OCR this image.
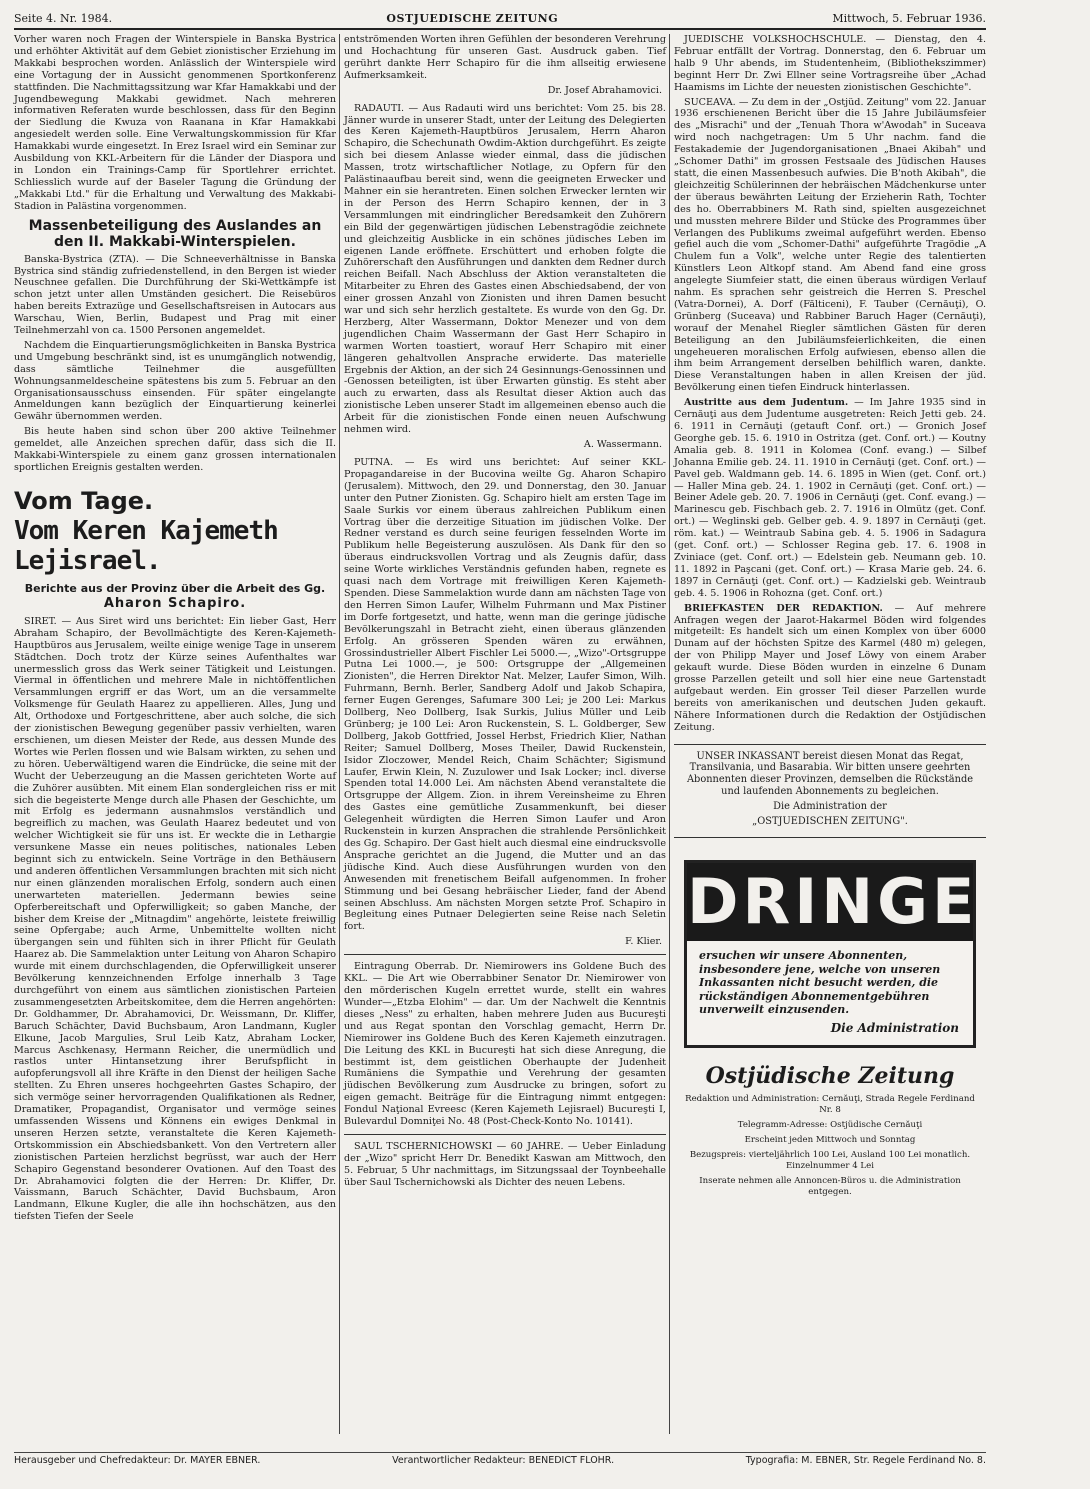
Seite 4. Nr. 1984.	OSTJUEDISCHE ZEITUNG	Mittwoch, 5. Februar 1936.

Vorher waren noch Fragen der Winterspiele in Banska Bystrica und erhöhter Aktivität auf dem Gebiet zionistischer Erziehung im Makkabi besprochen worden. Anlässlich der Winterspiele wird eine Vortagung der in Aussicht genommenen Sportkonferenz stattfinden. Die Nachmittagssitzung war Kfar Hamakkabi und der Jugendbewegung Makkabi gewidmet. Nach mehreren informativen Referaten wurde beschlossen, dass für den Beginn der Siedlung die Kwuza von Raanana in Kfar Hamakkabi angesiedelt werden solle. Eine Verwaltungskommission für Kfar Hamakkabi wurde eingesetzt. In Erez Israel wird ein Seminar zur Ausbildung von KKL-Arbeitern für die Länder der Diaspora und in London ein Trainings-Camp für Sportlehrer errichtet. Schliesslich wurde auf der Baseler Tagung die Gründung der „Makkabi Ltd." für die Erhaltung und Verwaltung des Makkabi-Stadion in Palästina vorgenommen.

Massenbeteiligung des Auslandes an den II. Makkabi-Winterspielen.

Banska-Bystrica (ZTA). — Die Schneeverhältnisse in Banska Bystrica sind ständig zufriedenstellend, in den Bergen ist wieder Neuschnee gefallen. Die Durchführung der Ski-Wettkämpfe ist schon jetzt unter allen Umständen gesichert. Die Reisebüros haben bereits Extrazüge und Gesellschaftsreisen in Autocars aus Warschau, Wien, Berlin, Budapest und Prag mit einer Teilnehmerzahl von ca. 1500 Personen angemeldet.

Nachdem die Einquartierungsmöglichkeiten in Banska Bystrica und Umgebung beschränkt sind, ist es unumgänglich notwendig, dass sämtliche Teilnehmer die ausgefüllten Wohnungsanmeldescheine spätestens bis zum 5. Februar an den Organisationsausschuss einsenden. Für später eingelangte Anmeldungen kann bezüglich der Einquartierung keinerlei Gewähr übernommen werden.

Bis heute haben sind schon über 200 aktive Teilnehmer gemeldet, alle Anzeichen sprechen dafür, dass sich die II. Makkabi-Winterspiele zu einem ganz grossen internationalen sportlichen Ereignis gestalten werden.

Vom Tage.
Vom Keren Kajemeth Lejisrael.
Berichte aus der Provinz über die Arbeit des Gg.
Aharon Schapiro.

SIRET. — Aus Siret wird uns berichtet: Ein lieber Gast, Herr Abraham Schapiro, der Bevollmächtigte des Keren-Kajemeth-Hauptbüros aus Jerusalem, weilte einige wenige Tage in unserem Städtchen. Doch trotz der Kürze seines Aufenthaltes war unermesslich gross das Werk seiner Tätigkeit und Leistungen. Viermal in öffentlichen und mehrere Male in nichtöffentlichen Versammlungen ergriff er das Wort, um an die versammelte Volksmenge für Geulath Haarez zu appellieren. Alles, Jung und Alt, Orthodoxe und Fortgeschrittene, aber auch solche, die sich der zionistischen Bewegung gegenüber passiv verhielten, waren erschienen, um diesen Meister der Rede, aus dessen Munde des Wortes wie Perlen flossen und wie Balsam wirkten, zu sehen und zu hören. Ueberwältigend waren die Eindrücke, die seine mit der Wucht der Ueberzeugung an die Massen gerichteten Worte auf die Zuhörer ausübten. Mit einem Elan sondergleichen riss er mit sich die begeisterte Menge durch alle Phasen der Geschichte, um mit Erfolg es jedermann ausnahmslos verständlich und begreiflich zu machen, was Geulath Haarez bedeutet und von welcher Wichtigkeit sie für uns ist. Er weckte die in Lethargie versunkene Masse ein neues politisches, nationales Leben beginnt sich zu entwickeln. Seine Vorträge in den Bethäusern und anderen öffentlichen Versammlungen brachten mit sich nicht nur einen glänzenden moralischen Erfolg, sondern auch einen unerwarteten materiellen. Jedermann bewies seine Opferbereitschaft und Opferwilligkeit; so gaben Manche, der bisher dem Kreise der „Mitnagdim" angehörte, leistete freiwillig seine Opfergabe; auch Arme, Unbemittelte wollten nicht übergangen sein und fühlten sich in ihrer Pflicht für Geulath Haarez ab. Die Sammelaktion unter Leitung von Aharon Schapiro wurde mit einem durchschlagenden, die Opferwilligkeit unserer Bevölkerung kennzeichnenden Erfolge innerhalb 3 Tage durchgeführt von einem aus sämtlichen zionistischen Parteien zusammengesetzten Arbeitskomitee, dem die Herren angehörten: Dr. Goldhammer, Dr. Abrahamovici, Dr. Weissmann, Dr. Kliffer, Baruch Schächter, David Buchsbaum, Aron Landmann, Kugler Elkune, Jacob Margulies, Srul Leib Katz, Abraham Locker, Marcus Aschkenasy, Hermann Reicher, die unermüdlich und rastlos unter Hintansetzung ihrer Berufspflicht in aufopferungsvoll all ihre Kräfte in den Dienst der heiligen Sache stellten. Zu Ehren unseres hochgeehrten Gastes Schapiro, der sich vermöge seiner hervorragenden Qualifikationen als Redner, Dramatiker, Propagandist, Organisator und vermöge seines umfassenden Wissens und Könnens ein ewiges Denkmal in unseren Herzen setzte, veranstaltete die Keren Kajemeth-Ortskommission ein Abschiedsbankett. Von den Vertretern aller zionistischen Parteien herzlichst begrüsst, war auch der Herr Schapiro Gegenstand besonderer Ovationen. Auf den Toast des Dr. Abrahamovici folgten die der Herren: Dr. Kliffer, Dr. Vaissmann, Baruch Schächter, David Buchsbaum, Aron Landmann, Elkune Kugler, die alle ihn hochschätzen, aus den tiefsten Tiefen der Seele

entströmenden Worten ihren Gefühlen der besonderen Verehrung und Hochachtung für unseren Gast. Ausdruck gaben. Tief gerührt dankte Herr Schapiro für die ihm allseitig erwiesene Aufmerksamkeit.

Dr. Josef Abrahamovici.

RADAUTI. — Aus Radauti wird uns berichtet: Vom 25. bis 28. Jänner wurde in unserer Stadt, unter der Leitung des Delegierten des Keren Kajemeth-Hauptbüros Jerusalem, Herrn Aharon Schapiro, die Schechunath Owdim-Aktion durchgeführt. Es zeigte sich bei diesem Anlasse wieder einmal, dass die jüdischen Massen, trotz wirtschaftlicher Notlage, zu Opfern für den Palästinaaufbau bereit sind, wenn die geeigneten Erwecker und Mahner ein sie herantreten. Einen solchen Erwecker lernten wir in der Person des Herrn Schapiro kennen, der in 3 Versammlungen mit eindringlicher Beredsamkeit den Zuhörern ein Bild der gegenwärtigen jüdischen Lebenstragödie zeichnete und gleichzeitig Ausblicke in ein schönes jüdisches Leben im eigenen Lande eröffnete. Erschüttert und erhoben folgte die Zuhörerschaft den Ausführungen und dankten dem Redner durch reichen Beifall. Nach Abschluss der Aktion veranstalteten die Mitarbeiter zu Ehren des Gastes einen Abschiedsabend, der von einer grossen Anzahl von Zionisten und ihren Damen besucht war und sich sehr herzlich gestaltete. Es wurde von den Gg. Dr. Herzberg, Alter Wassermann, Doktor Menezer und von dem jugendlichen Chaim Wassermann der Gast Herr Schapiro in warmen Worten toastiert, worauf Herr Schapiro mit einer längeren gehaltvollen Ansprache erwiderte. Das materielle Ergebnis der Aktion, an der sich 24 Gesinnungs-Genossinnen und -Genossen beteiligten, ist über Erwarten günstig. Es steht aber auch zu erwarten, dass als Resultat dieser Aktion auch das zionistische Leben unserer Stadt im allgemeinen ebenso auch die Arbeit für die zionistischen Fonde einen neuen Aufschwung nehmen wird.

A. Wassermann.

PUTNA. — Es wird uns berichtet: Auf seiner KKL-Propagandareise in der Bucovina weilte Gg. Aharon Schapiro (Jerusalem). Mittwoch, den 29. und Donnerstag, den 30. Januar unter den Putner Zionisten. Gg. Schapiro hielt am ersten Tage im Saale Surkis vor einem überaus zahlreichen Publikum einen Vortrag über die derzeitige Situation im jüdischen Volke. Der Redner verstand es durch seine feurigen fesselnden Worte im Publikum helle Begeisterung auszulösen. Als Dank für den so überaus eindrucksvollen Vortrag und als Zeugnis dafür, dass seine Worte wirkliches Verständnis gefunden haben, regnete es quasi nach dem Vortrage mit freiwilligen Keren Kajemeth-Spenden. Diese Sammelaktion wurde dann am nächsten Tage von den Herren Simon Laufer, Wilhelm Fuhrmann und Max Pistiner im Dorfe fortgesetzt, und hatte, wenn man die geringe jüdische Bevölkerungszahl in Betracht zieht, einen überaus glänzenden Erfolg. An grösseren Spenden wären zu erwähnen, Grossindustrieller Albert Fischler Lei 5000.—, „Wizo"-Ortsgruppe Putna Lei 1000.—, je 500: Ortsgruppe der „Allgemeinen Zionisten", die Herren Direktor Nat. Melzer, Laufer Simon, Wilh. Fuhrmann, Bernh. Berler, Sandberg Adolf und Jakob Schapira, ferner Eugen Gerenges, Safumare 300 Lei; je 200 Lei: Markus Dollberg, Neo Dollberg, Isak Surkis, Julius Müller und Leib Grünberg; je 100 Lei: Aron Ruckenstein, S. L. Goldberger, Sew Dollberg, Jakob Gottfried, Jossel Herbst, Friedrich Klier, Nathan Reiter; Samuel Dollberg, Moses Theiler, Dawid Ruckenstein, Isidor Zloczower, Mendel Reich, Chaim Schächter; Sigismund Laufer, Erwin Klein, N. Zuzulower und Isak Locker; incl. diverse Spenden total 14.000 Lei. Am nächsten Abend veranstaltete die Ortsgruppe der Allgem. Zion. in ihrem Vereinsheime zu Ehren des Gastes eine gemütliche Zusammenkunft, bei dieser Gelegenheit würdigten die Herren Simon Laufer und Aron Ruckenstein in kurzen Ansprachen die strahlende Persönlichkeit des Gg. Schapiro. Der Gast hielt auch diesmal eine eindrucksvolle Ansprache gerichtet an die Jugend, die Mutter und an das jüdische Kind. Auch diese Ausführungen wurden von den Anwesenden mit frenetischem Beifall aufgenommen. In froher Stimmung und bei Gesang hebräischer Lieder, fand der Abend seinen Abschluss. Am nächsten Morgen setzte Prof. Schapiro in Begleitung eines Putnaer Delegierten seine Reise nach Seletin fort.

F. Klier.

Eintragung Oberrab. Dr. Niemirowers ins Goldene Buch des KKL. — Die Art wie Oberrabbiner Senator Dr. Niemirower von den mörderischen Kugeln errettet wurde, stellt ein wahres Wunder—„Etzba Elohim" — dar. Um der Nachwelt die Kenntnis dieses „Ness" zu erhalten, haben mehrere Juden aus Bucureşti und aus Regat spontan den Vorschlag gemacht, Herrn Dr. Niemirower ins Goldene Buch des Keren Kajemeth einzutragen. Die Leitung des KKL in Bucureşti hat sich diese Anregung, die bestimmt ist, dem geistlichen Oberhaupte der Judenheit Rumäniens die Sympathie und Verehrung der gesamten jüdischen Bevölkerung zum Ausdrucke zu bringen, sofort zu eigen gemacht. Beiträge für die Eintragung nimmt entgegen: Fondul Naţional Evreesc (Keren Kajemeth Lejisrael) Bucureşti I, Bulevardul Domniţei No. 48 (Post-Check-Konto No. 10141).

SAUL TSCHERNICHOWSKI — 60 JAHRE. — Ueber Einladung der „Wizo" spricht Herr Dr. Benedikt Kaswan am Mittwoch, den 5. Februar, 5 Uhr nachmittags, im Sitzungssaal der Toynbeehalle über Saul Tschernichowski als Dichter des neuen Lebens.

JUEDISCHE VOLKSHOCHSCHULE. — Dienstag, den 4. Februar entfällt der Vortrag. Donnerstag, den 6. Februar um halb 9 Uhr abends, im Studentenheim, (Bibliothekszimmer) beginnt Herr Dr. Zwi Ellner seine Vortragsreihe über „Achad Haamisms im Lichte der neuesten zionistischen Geschichte".

SUCEAVA. — Zu dem in der „Ostjüd. Zeitung" vom 22. Januar 1936 erschienenen Bericht über die 15 Jahre Jubiläumsfeier des „Misrachi" und der „Tenuah Thora w'Awodah" in Suceava wird noch nachgetragen: Um 5 Uhr nachm. fand die Festakademie der Jugendorganisationen „Bnaei Akibah" und „Schomer Dathi" im grossen Festsaale des Jüdischen Hauses statt, die einen Massenbesuch aufwies. Die B'noth Akibah", die gleichzeitig Schülerinnen der hebräischen Mädchenkurse unter der überaus bewährten Leitung der Erzieherin Rath, Tochter des ho. Oberrabbiners M. Rath sind, spielten ausgezeichnet und mussten mehrere Bilder und Stücke des Programmes über Verlangen des Publikums zweimal aufgeführt werden. Ebenso gefiel auch die vom „Schomer-Dathi" aufgeführte Tragödie „A Chulem fun a Volk", welche unter Regie des talentierten Künstlers Leon Altkopf stand. Am Abend fand eine gross angelegte Siumfeier statt, die einen überaus würdigen Verlauf nahm. Es sprachen sehr geistreich die Herren S. Preschel (Vatra-Dornei), A. Dorf (Fălticeni), F. Tauber (Cernăuţi), O. Grünberg (Suceava) und Rabbiner Baruch Hager (Cernăuţi), worauf der Menahel Riegler sämtlichen Gästen für deren Beteiligung an den Jubiläumsfeierlichkeiten, die einen ungeheueren moralischen Erfolg aufwiesen, ebenso allen die ihm beim Arrangement derselben behilflich waren, dankte. Diese Veranstaltungen haben in allen Kreisen der jüd. Bevölkerung einen tiefen Eindruck hinterlassen.

Austritte aus dem Judentum. — Im Jahre 1935 sind in Cernăuţi aus dem Judentume ausgetreten: Reich Jetti geb. 24. 6. 1911 in Cernăuţi (getauft Conf. ort.) — Gronich Josef Georghe geb. 15. 6. 1910 in Ostritza (get. Conf. ort.) — Koutny Amalia geb. 8. 1911 in Kolomea (Conf. evang.) — Silbef Johanna Emilie geb. 24. 11. 1910 in Cernăuţi (get. Conf. ort.) — Pavel geb. Waldmann geb. 14. 6. 1895 in Wien (get. Conf. ort.) — Haller Mina geb. 24. 1. 1902 in Cernăuţi (get. Conf. ort.) — Beiner Adele geb. 20. 7. 1906 in Cernăuţi (get. Conf. evang.) — Marinescu geb. Fischbach geb. 2. 7. 1916 in Olmütz (get. Conf. ort.) — Weglinski geb. Gelber geb. 4. 9. 1897 in Cernăuţi (get. röm. kat.) — Weintraub Sabina geb. 4. 5. 1906 in Sadagura (get. Conf. ort.) — Schlosser Regina geb. 17. 6. 1908 in Zviniace (get. Conf. ort.) — Edelstein geb. Neumann geb. 10. 11. 1892 in Paşcani (get. Conf. ort.) — Krasa Marie geb. 24. 6. 1897 in Cernăuţi (get. Conf. ort.) — Kadzielski geb. Weintraub geb. 4. 5. 1906 in Rohozna (get. Conf. ort.)

BRIEFKASTEN DER REDAKTION. — Auf mehrere Anfragen wegen der Jaarot-Hakarmel Böden wird folgendes mitgeteilt: Es handelt sich um einen Komplex von über 6000 Dunam auf der höchsten Spitze des Karmel (480 m) gelegen, der von Philipp Mayer und Josef Löwy von einem Araber gekauft wurde. Diese Böden wurden in einzelne 6 Dunam grosse Parzellen geteilt und soll hier eine neue Gartenstadt aufgebaut werden. Ein grosser Teil dieser Parzellen wurde bereits von amerikanischen und deutschen Juden gekauft. Nähere Informationen durch die Redaktion der Ostjüdischen Zeitung.

UNSER INKASSANT bereist diesen Monat das Regat, Transilvania, und Basarabia. Wir bitten unsere geehrten Abonnenten dieser Provinzen, demselben die Rückstände und laufenden Abonnements zu begleichen.

Die Administration der

„OSTJUEDISCHEN ZEITUNG".

DRINGEND
ersuchen wir unsere Abonnenten, insbesondere jene, welche von unseren Inkassanten nicht besucht werden, die rückständigen Abonnementgebühren unverweilt einzusenden.
Die Administration
Ostjüdische Zeitung
Redaktion und Administration: Cernăuţi, Strada Regele Ferdinand Nr. 8
Telegramm-Adresse: Ostjüdische Cernăuţi
Erscheint jeden Mittwoch und Sonntag
Bezugspreis: vierteljährlich 100 Lei, Ausland 100 Lei monatlich. Einzelnummer 4 Lei
Inserate nehmen alle Annoncen-Büros u. die Administration entgegen.
Herausgeber und Chefredakteur: Dr. MAYER EBNER.	Verantwortlicher Redakteur: BENEDICT FLOHR.	Typografia: M. EBNER, Str. Regele Ferdinand No. 8.
